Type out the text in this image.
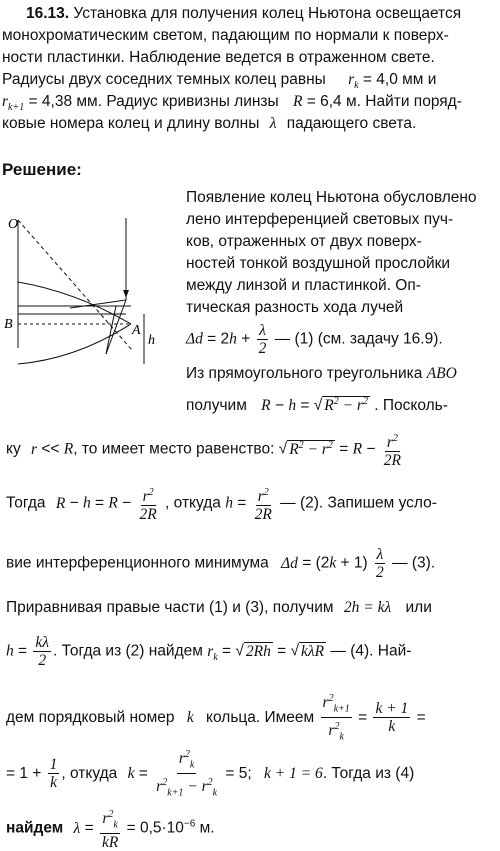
16.13. Установка для получения колец Ньютона освещается
монохроматическим светом, падающим по нормали к поверх-
ности пластинки. Наблюдение ведется в отраженном свете.
Радиусы двух соседних темных колец равны $r_k = 4,0$ мм и
$r_{k+1} = 4,38$ мм. Радиус кривизны линзы R = 6,4 м. Найти поряд-
ковые номера колец и длину волны λ падающего света.
Решение:
O
B	A
h
Появление колец Ньютона обусловлено
лено интерференцией световых пуч-
ков, отраженных от двух поверх-
ностей тонкой воздушной прослойки
между линзой и пластинкой. Оп-
тическая разность хода лучей
$\Delta d = 2h + \frac{\lambda}{2}$ — (1) (см. задачу 16.9).
Из прямоугольного треугольника ABO
получим R − h = √ $R^2 - r^2$ . Посколь-
ку r << R, то имеет место равенство: √ $R^2 - r^2 = R - \frac{r^2}{2R}$
Тогда $R - h = R - \frac{r^2}{2R}$ , откуда $h = \frac{r^2}{2R}$ — (2). Запишем усло-
вие интерференционного минимума $\Delta d = (2k + 1) \frac{\lambda}{2}$ — (3).
Приравнивая правые части (1) и (3), получим 2h = kλ или
$h = \frac{k\lambda}{2}$ . Тогда из (2) найдем $r_k$ = √ 2Rh = √ kλR — (4). Най-
дем порядковый номер k кольца. Имеем $\frac{r^2_{k+1}}{r^2_k} = \frac{k + 1}{k}$ =
= $1 + \frac{1}{k}$ , откуда $k = \frac{r^2_k}{r^2_{k+1} - r^2_k} = 5$; k + 1 = 6. Тогда из (4)
найдем $\lambda = \frac{r^2_k}{kR} = 0,5\cdot 10^{-6}$ м.
